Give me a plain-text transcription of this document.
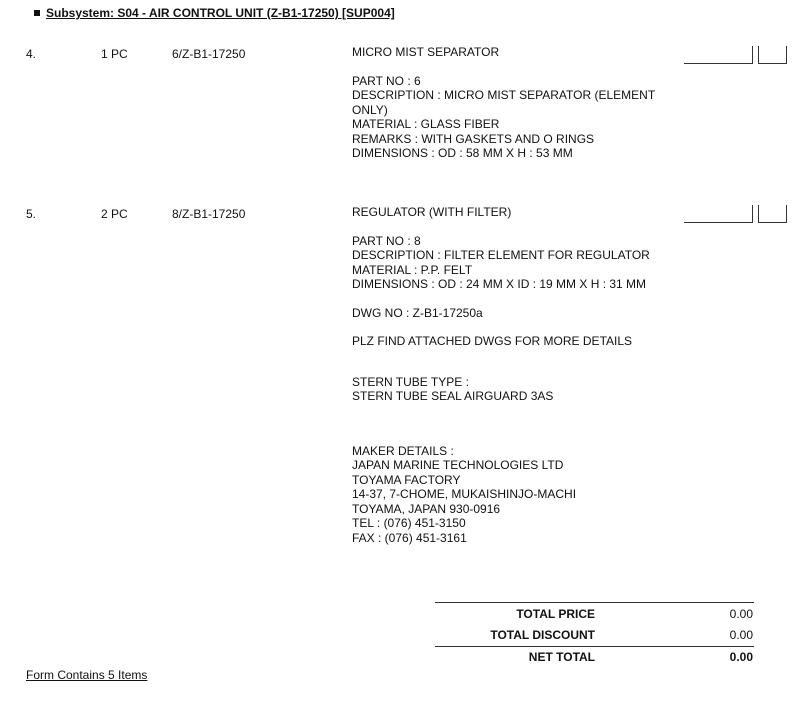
Subsystem: S04 - AIR CONTROL UNIT (Z-B1-17250) [SUP004]
4.	1 PC	6/Z-B1-17250	MICRO MIST SEPARATOR
PART NO : 6
DESCRIPTION : MICRO MIST SEPARATOR (ELEMENT ONLY)
MATERIAL : GLASS FIBER
REMARKS : WITH GASKETS AND O RINGS
DIMENSIONS : OD : 58 MM X H : 53 MM
5.	2 PC	8/Z-B1-17250	REGULATOR (WITH FILTER)
PART NO : 8
DESCRIPTION : FILTER ELEMENT FOR REGULATOR
MATERIAL : P.P. FELT
DIMENSIONS : OD : 24 MM X ID : 19 MM X H : 31 MM
DWG NO : Z-B1-17250a
PLZ FIND ATTACHED DWGS FOR MORE DETAILS
STERN TUBE TYPE :
STERN TUBE SEAL AIRGUARD 3AS
MAKER DETAILS :
JAPAN MARINE TECHNOLOGIES LTD
TOYAMA FACTORY
14-37, 7-CHOME, MUKAISHINJO-MACHI
TOYAMA, JAPAN 930-0916
TEL : (076) 451-3150
FAX : (076) 451-3161
TOTAL PRICE	0.00
TOTAL DISCOUNT	0.00
NET TOTAL	0.00
Form Contains 5 Items
